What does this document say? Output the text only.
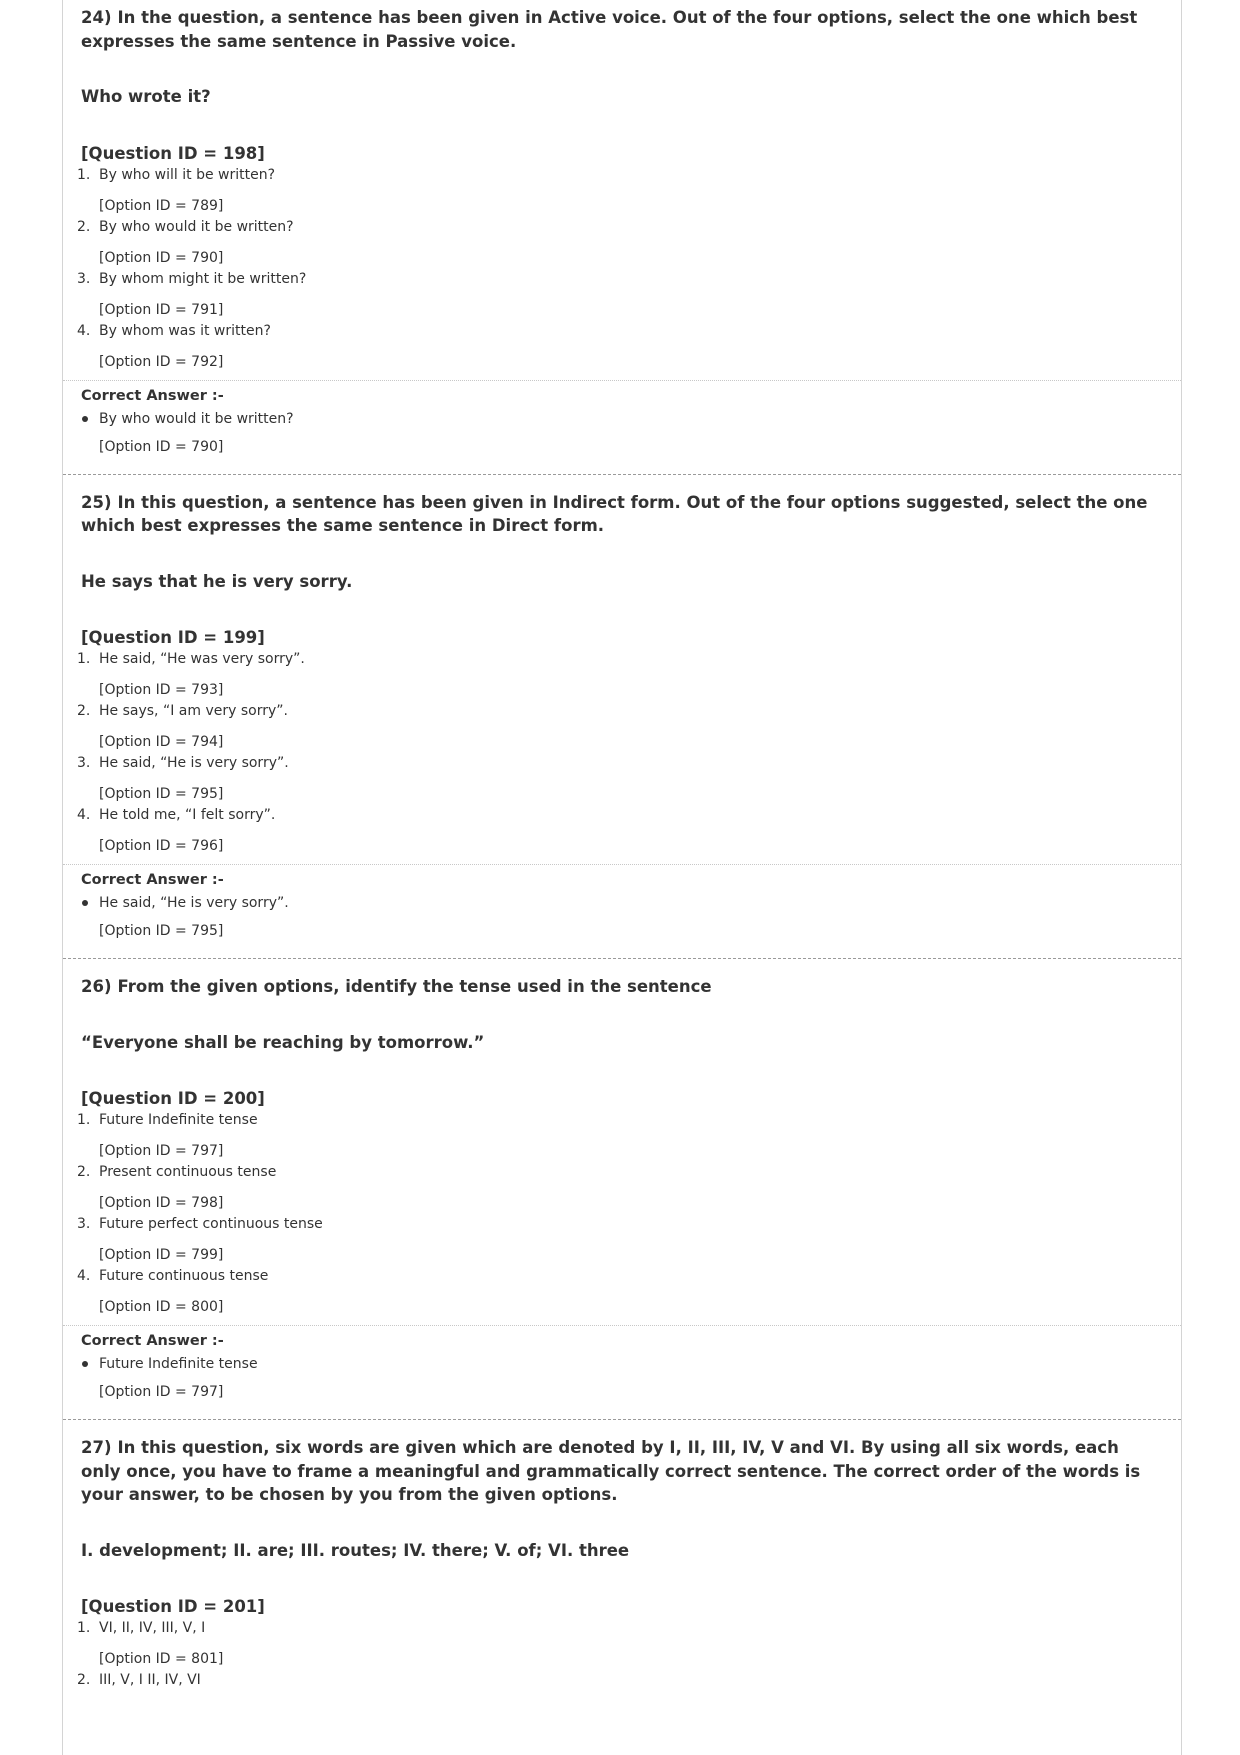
24) In the question, a sentence has been given in Active voice. Out of the four options, select the one which best expresses the same sentence in Passive voice.

Who wrote it?

[Question ID = 198]

1. By who will it be written?
[Option ID = 789]
2. By who would it be written?
[Option ID = 790]
3. By whom might it be written?
[Option ID = 791]
4. By whom was it written?
[Option ID = 792]

Correct Answer :-

By who would it be written?

[Option ID = 790]

25) In this question, a sentence has been given in Indirect form. Out of the four options suggested, select the one which best expresses the same sentence in Direct form.

He says that he is very sorry.

[Question ID = 199]

1. He said, “He was very sorry”.
[Option ID = 793]
2. He says, “I am very sorry”.
[Option ID = 794]
3. He said, “He is very sorry”.
[Option ID = 795]
4. He told me, “I felt sorry”.
[Option ID = 796]

Correct Answer :-

He said, “He is very sorry”.

[Option ID = 795]

26) From the given options, identify the tense used in the sentence

“Everyone shall be reaching by tomorrow.”

[Question ID = 200]

1. Future Indefinite tense
[Option ID = 797]
2. Present continuous tense
[Option ID = 798]
3. Future perfect continuous tense
[Option ID = 799]
4. Future continuous tense
[Option ID = 800]

Correct Answer :-

Future Indefinite tense

[Option ID = 797]

27) In this question, six words are given which are denoted by I, II, III, IV, V and VI. By using all six words, each only once, you have to frame a meaningful and grammatically correct sentence. The correct order of the words is your answer, to be chosen by you from the given options.

I. development; II. are; III. routes; IV. there; V. of; VI. three

[Question ID = 201]

1. VI, II, IV, III, V, I
[Option ID = 801]
2. III, V, I II, IV, VI
